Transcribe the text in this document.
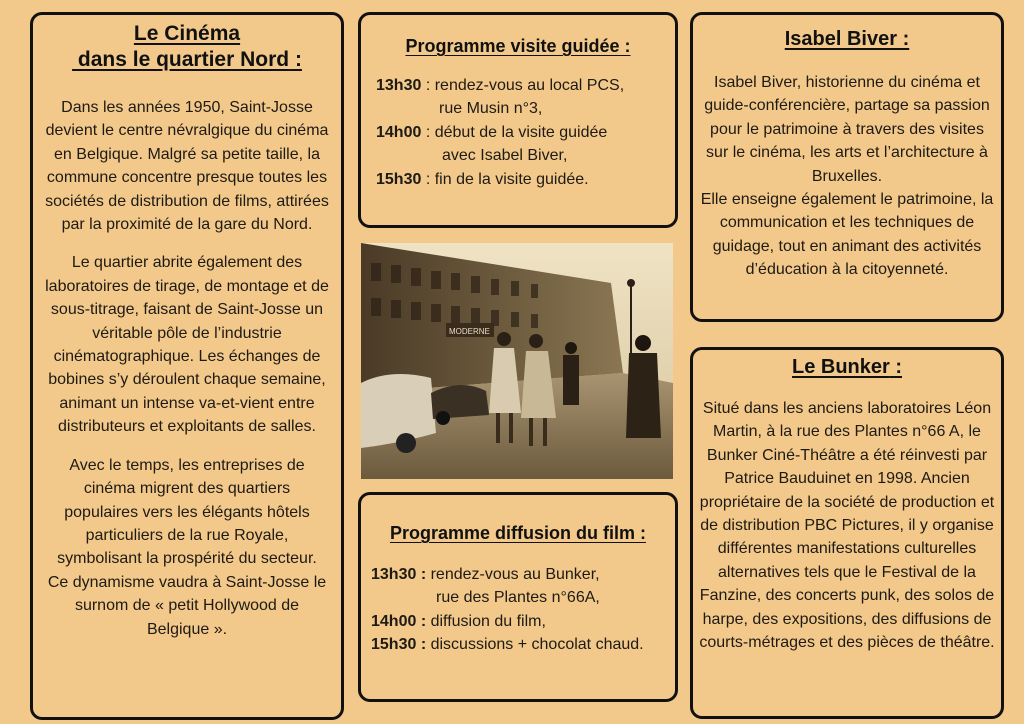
Le Cinéma
dans le quartier Nord :

Dans les années 1950, Saint-Josse devient le centre névralgique du cinéma en Belgique. Malgré sa petite taille, la commune concentre presque toutes les sociétés de distribution de films, attirées par la proximité de la gare du Nord.

Le quartier abrite également des laboratoires de tirage, de montage et de sous-titrage, faisant de Saint-Josse un véritable pôle de l’industrie cinématographique. Les échanges de bobines s’y déroulent chaque semaine, animant un intense va-et-vient entre distributeurs et exploitants de salles.

Avec le temps, les entreprises de cinéma migrent des quartiers populaires vers les élégants hôtels particuliers de la rue Royale, symbolisant la prospérité du secteur. Ce dynamisme vaudra à Saint-Josse le surnom de « petit Hollywood de Belgique ».

Programme visite guidée :
13h30 : rendez-vous au local PCS,
rue Musin n°3,
14h00 : début de la visite guidée
avec Isabel Biver,
15h30 : fin de la visite guidée.
MODERNE
Programme diffusion du film :
13h30 : rendez-vous au Bunker,
rue des Plantes n°66A,
14h00 : diffusion du film,
15h30 : discussions + chocolat chaud.
Isabel Biver :

Isabel Biver, historienne du cinéma et guide-conférencière, partage sa passion pour le patrimoine à travers des visites sur le cinéma, les arts et l’architecture à Bruxelles.
Elle enseigne également le patrimoine, la communication et les techniques de guidage, tout en animant des activités d’éducation à la citoyenneté.

Le Bunker :

Situé dans les anciens laboratoires Léon Martin, à la rue des Plantes n°66 A, le Bunker Ciné-Théâtre a été réinvesti par Patrice Bauduinet en 1998. Ancien propriétaire de la société de production et de distribution PBC Pictures, il y organise différentes manifestations culturelles alternatives tels que le Festival de la Fanzine, des concerts punk, des solos de harpe, des expositions, des diffusions de courts-métrages et des pièces de théâtre.
